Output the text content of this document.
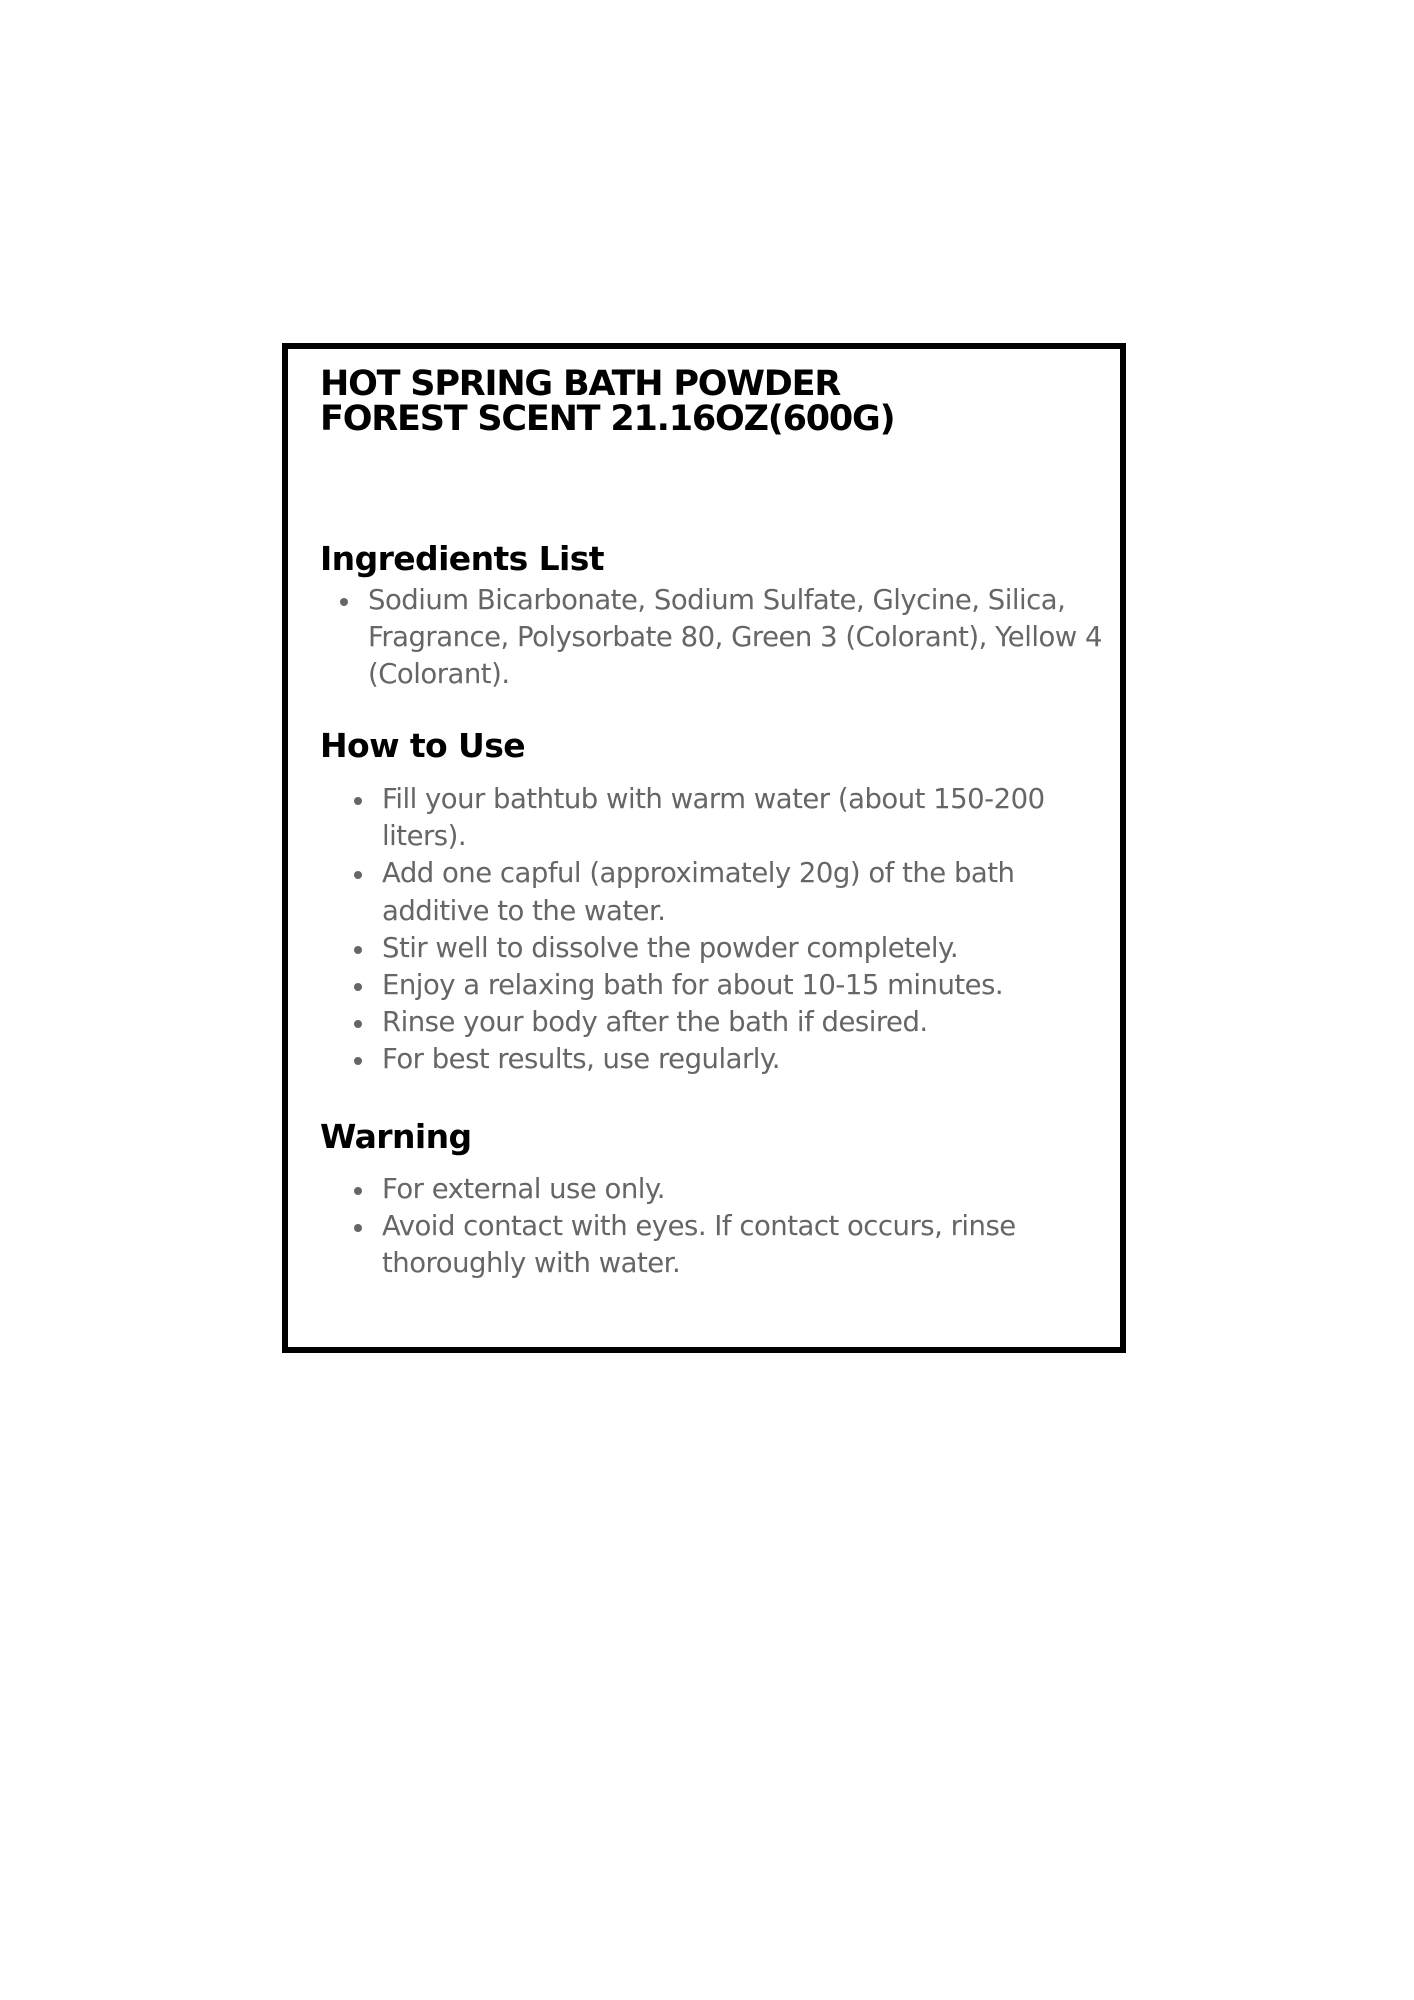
HOT SPRING BATH POWDER
FOREST SCENT 21.16OZ(600G)
Ingredients List
Sodium Bicarbonate, Sodium Sulfate, Glycine, Silica, Fragrance, Polysorbate 80, Green 3 (Colorant), Yellow 4 (Colorant).
How to Use
Fill your bathtub with warm water (about 150-200 liters).
Add one capful (approximately 20g) of the bath additive to the water.
Stir well to dissolve the powder completely.
Enjoy a relaxing bath for about 10-15 minutes.
Rinse your body after the bath if desired.
For best results, use regularly.
Warning
For external use only.
Avoid contact with eyes. If contact occurs, rinse thoroughly with water.
